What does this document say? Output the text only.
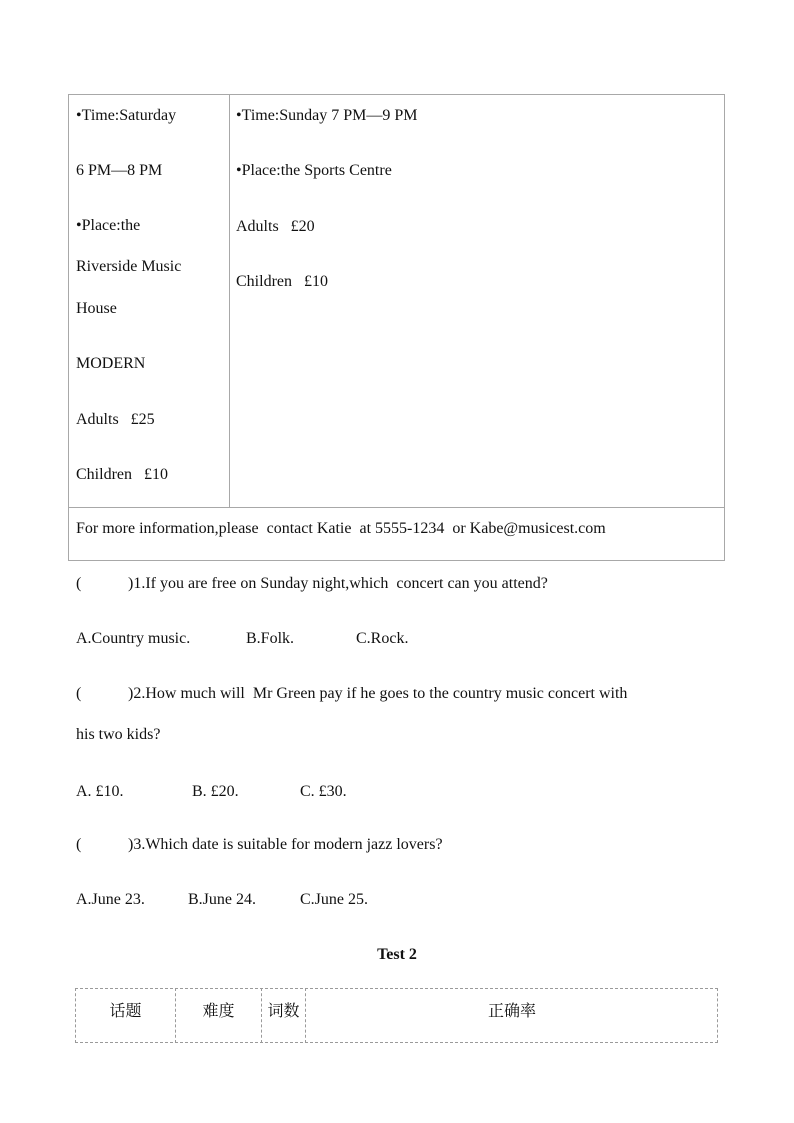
•Time:Saturday
6 PM—8 PM
•Place:the
Riverside Music
House
MODERN
Adults   £25
Children   £10
•Time:Sunday 7 PM—9 PM
•Place:the Sports Centre
Adults   £20
Children   £10
For more information,please  contact Katie  at 5555-1234  or Kabe@musicest.com
(	)1.If you are free on Sunday night,which  concert can you attend?
A.Country music.	B.Folk.	C.Rock.
(	)2.How much will  Mr Green pay if he goes to the country music concert with
his two kids?
A. £10.	B. £20.	C. £30.
(	)3.Which date is suitable for modern jazz lovers?
A.June 23.	B.June 24.	C.June 25.
Test 2
话题	难度	词数	正确率
